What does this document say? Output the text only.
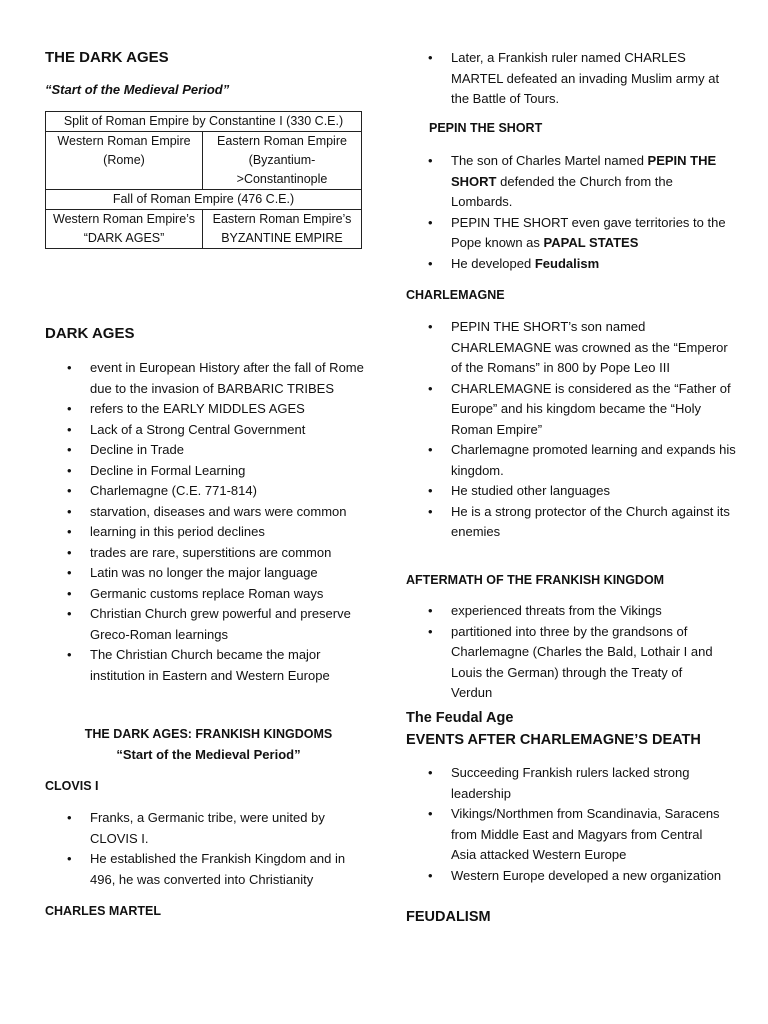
THE DARK AGES
“Start of the Medieval Period”
Split of Roman Empire by Constantine I (330 C.E.)	
Western Roman Empire (Rome)	Eastern Roman Empire (Byzantium->Constantinople
Fall of Roman Empire (476 C.E.)	
Western Roman Empire’s “DARK AGES”	Eastern Roman Empire’s BYZANTINE EMPIRE
DARK AGES
• event in European History after the fall of Rome due to the invasion of BARBARIC TRIBES
• refers to the EARLY MIDDLES AGES
• Lack of a Strong Central Government
• Decline in Trade
• Decline in Formal Learning
• Charlemagne (C.E. 771-814)
• starvation, diseases and wars were common
• learning in this period declines
• trades are rare, superstitions are common
• Latin was no longer the major language
• Germanic customs replace Roman ways
• Christian Church grew powerful and preserve Greco-Roman learnings
• The Christian Church became the major institution in Eastern and Western Europe
THE DARK AGES: FRANKISH KINGDOMS
“Start of the Medieval Period”
CLOVIS I
• Franks, a Germanic tribe, were united by CLOVIS I.
• He established the Frankish Kingdom and in 496, he was converted into Christianity
CHARLES MARTEL
• Later, a Frankish ruler named CHARLES MARTEL defeated an invading Muslim army at the Battle of Tours.
PEPIN THE SHORT
• The son of Charles Martel named PEPIN THE SHORT defended the Church from the Lombards.
• PEPIN THE SHORT even gave territories to the Pope known as PAPAL STATES
• He developed Feudalism
CHARLEMAGNE
• PEPIN THE SHORT’s son named CHARLEMAGNE was crowned as the “Emperor of the Romans” in 800 by Pope Leo III
• CHARLEMAGNE is considered as the “Father of Europe” and his kingdom became the “Holy Roman Empire”
• Charlemagne promoted learning and expands his kingdom.
• He studied other languages
• He is a strong protector of the Church against its enemies
AFTERMATH OF THE FRANKISH KINGDOM
• experienced threats from the Vikings
• partitioned into three by the grandsons of Charlemagne (Charles the Bald, Lothair I and Louis the German) through the Treaty of Verdun
The Feudal Age
EVENTS AFTER CHARLEMAGNE’S DEATH
• Succeeding Frankish rulers lacked strong leadership
• Vikings/Northmen from Scandinavia, Saracens from Middle East and Magyars from Central Asia attacked Western Europe
• Western Europe developed a new organization
FEUDALISM
